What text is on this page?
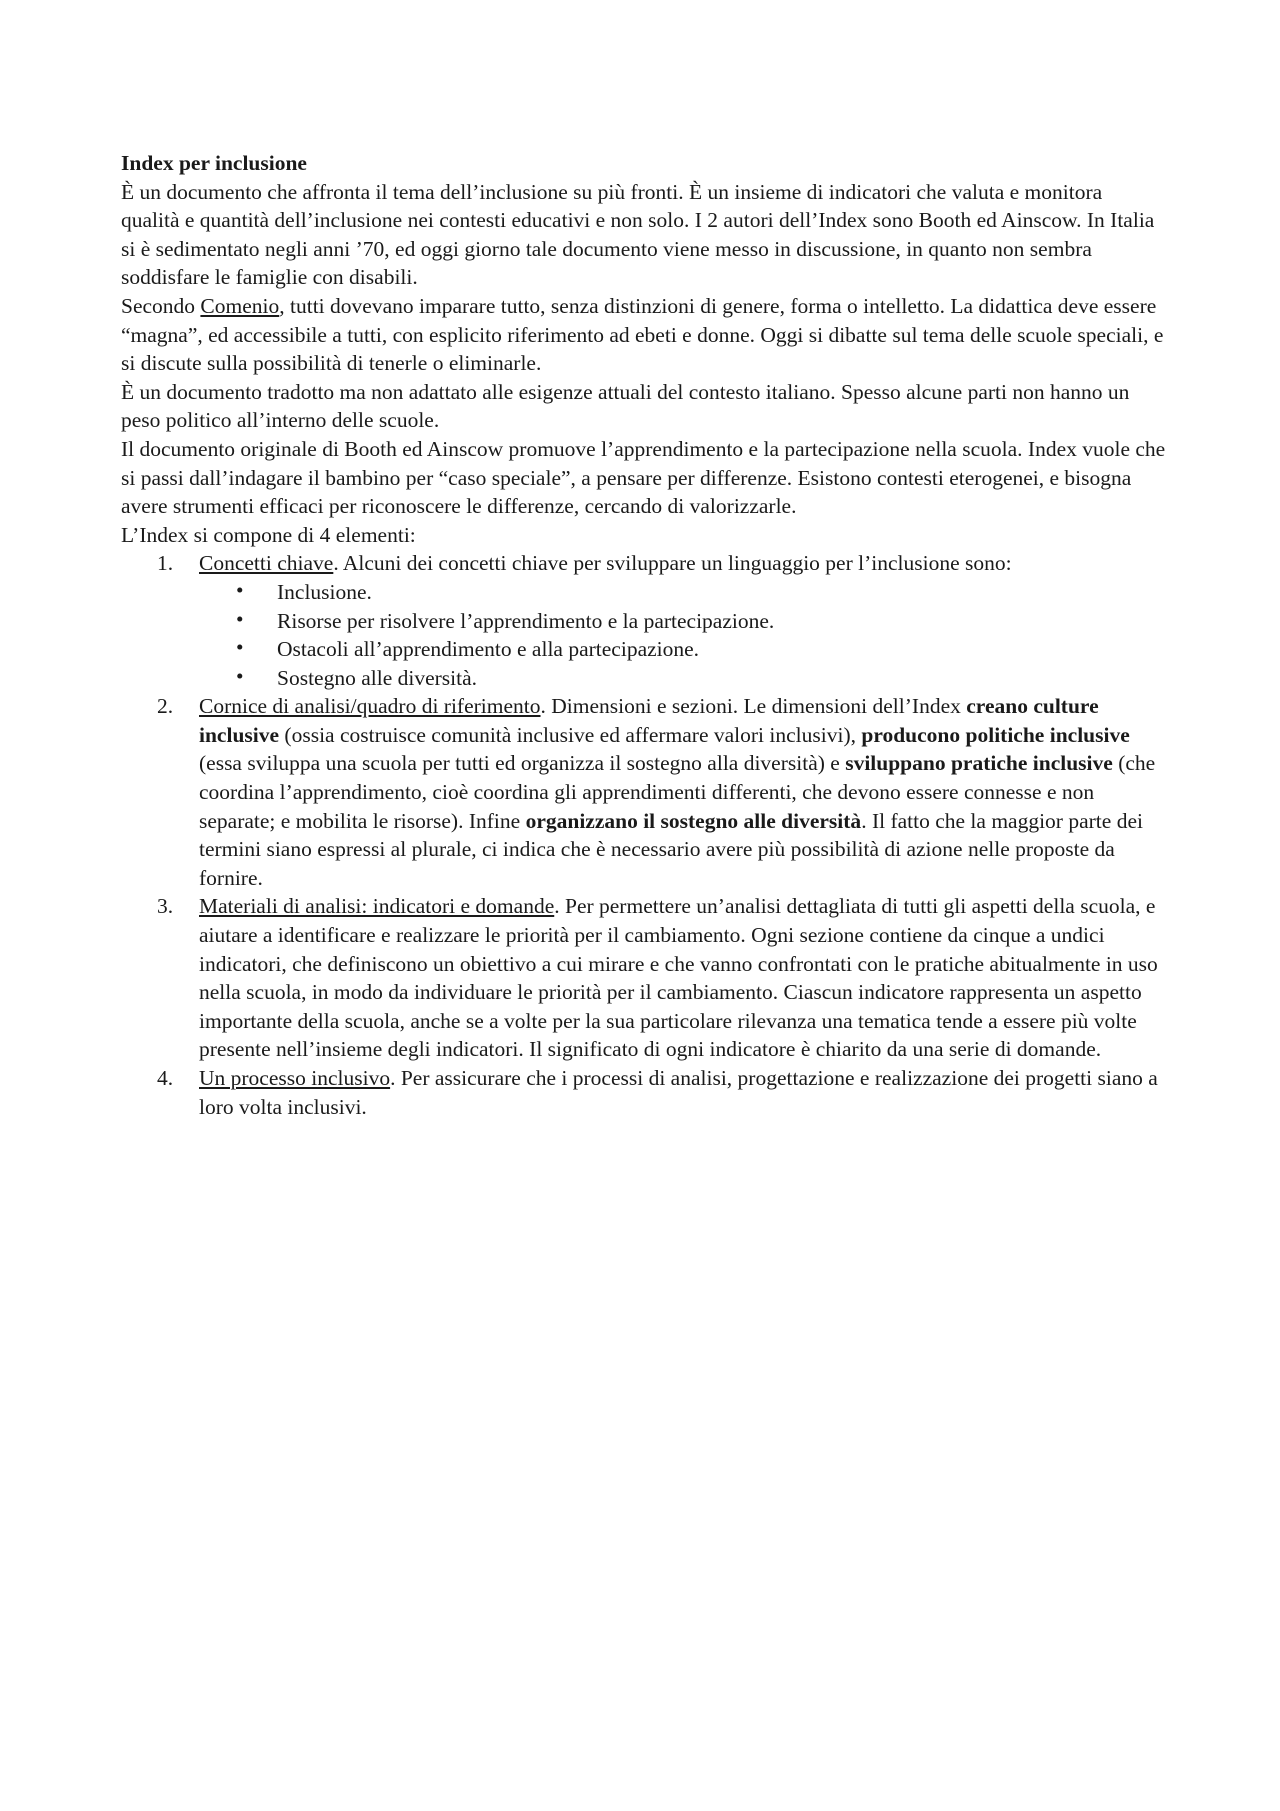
Index per inclusione

È un documento che affronta il tema dell’inclusione su più fronti. È un insieme di indicatori che valuta e monitora qualità e quantità dell’inclusione nei contesti educativi e non solo. I 2 autori dell’Index sono Booth ed Ainscow. In Italia si è sedimentato negli anni ’70, ed oggi giorno tale documento viene messo in discussione, in quanto non sembra soddisfare le famiglie con disabili.

Secondo Comenio, tutti dovevano imparare tutto, senza distinzioni di genere, forma o intelletto. La didattica deve essere “magna”, ed accessibile a tutti, con esplicito riferimento ad ebeti e donne. Oggi si dibatte sul tema delle scuole speciali, e si discute sulla possibilità di tenerle o eliminarle.

È un documento tradotto ma non adattato alle esigenze attuali del contesto italiano. Spesso alcune parti non hanno un peso politico all’interno delle scuole.

Il documento originale di Booth ed Ainscow promuove l’apprendimento e la partecipazione nella scuola. Index vuole che si passi dall’indagare il bambino per “caso speciale”, a pensare per differenze. Esistono contesti eterogenei, e bisogna avere strumenti efficaci per riconoscere le differenze, cercando di valorizzarle.

L’Index si compone di 4 elementi:

1.	Concetti chiave. Alcuni dei concetti chiave per sviluppare un linguaggio per l’inclusione sono:
• Inclusione.
• Risorse per risolvere l’apprendimento e la partecipazione.
• Ostacoli all’apprendimento e alla partecipazione.
• Sostegno alle diversità.
2.	Cornice di analisi/quadro di riferimento. Dimensioni e sezioni. Le dimensioni dell’Index creano culture inclusive (ossia costruisce comunità inclusive ed affermare valori inclusivi), producono politiche inclusive (essa sviluppa una scuola per tutti ed organizza il sostegno alla diversità) e sviluppano pratiche inclusive (che coordina l’apprendimento, cioè coordina gli apprendimenti differenti, che devono essere connesse e non separate; e mobilita le risorse). Infine organizzano il sostegno alle diversità. Il fatto che la maggior parte dei termini siano espressi al plurale, ci indica che è necessario avere più possibilità di azione nelle proposte da fornire.
3.	Materiali di analisi: indicatori e domande. Per permettere un’analisi dettagliata di tutti gli aspetti della scuola, e aiutare a identificare e realizzare le priorità per il cambiamento. Ogni sezione contiene da cinque a undici indicatori, che definiscono un obiettivo a cui mirare e che vanno confrontati con le pratiche abitualmente in uso nella scuola, in modo da individuare le priorità per il cambiamento. Ciascun indicatore rappresenta un aspetto importante della scuola, anche se a volte per la sua particolare rilevanza una tematica tende a essere più volte presente nell’insieme degli indicatori. Il significato di ogni indicatore è chiarito da una serie di domande.
4.	Un processo inclusivo. Per assicurare che i processi di analisi, progettazione e realizzazione dei progetti siano a loro volta inclusivi.
